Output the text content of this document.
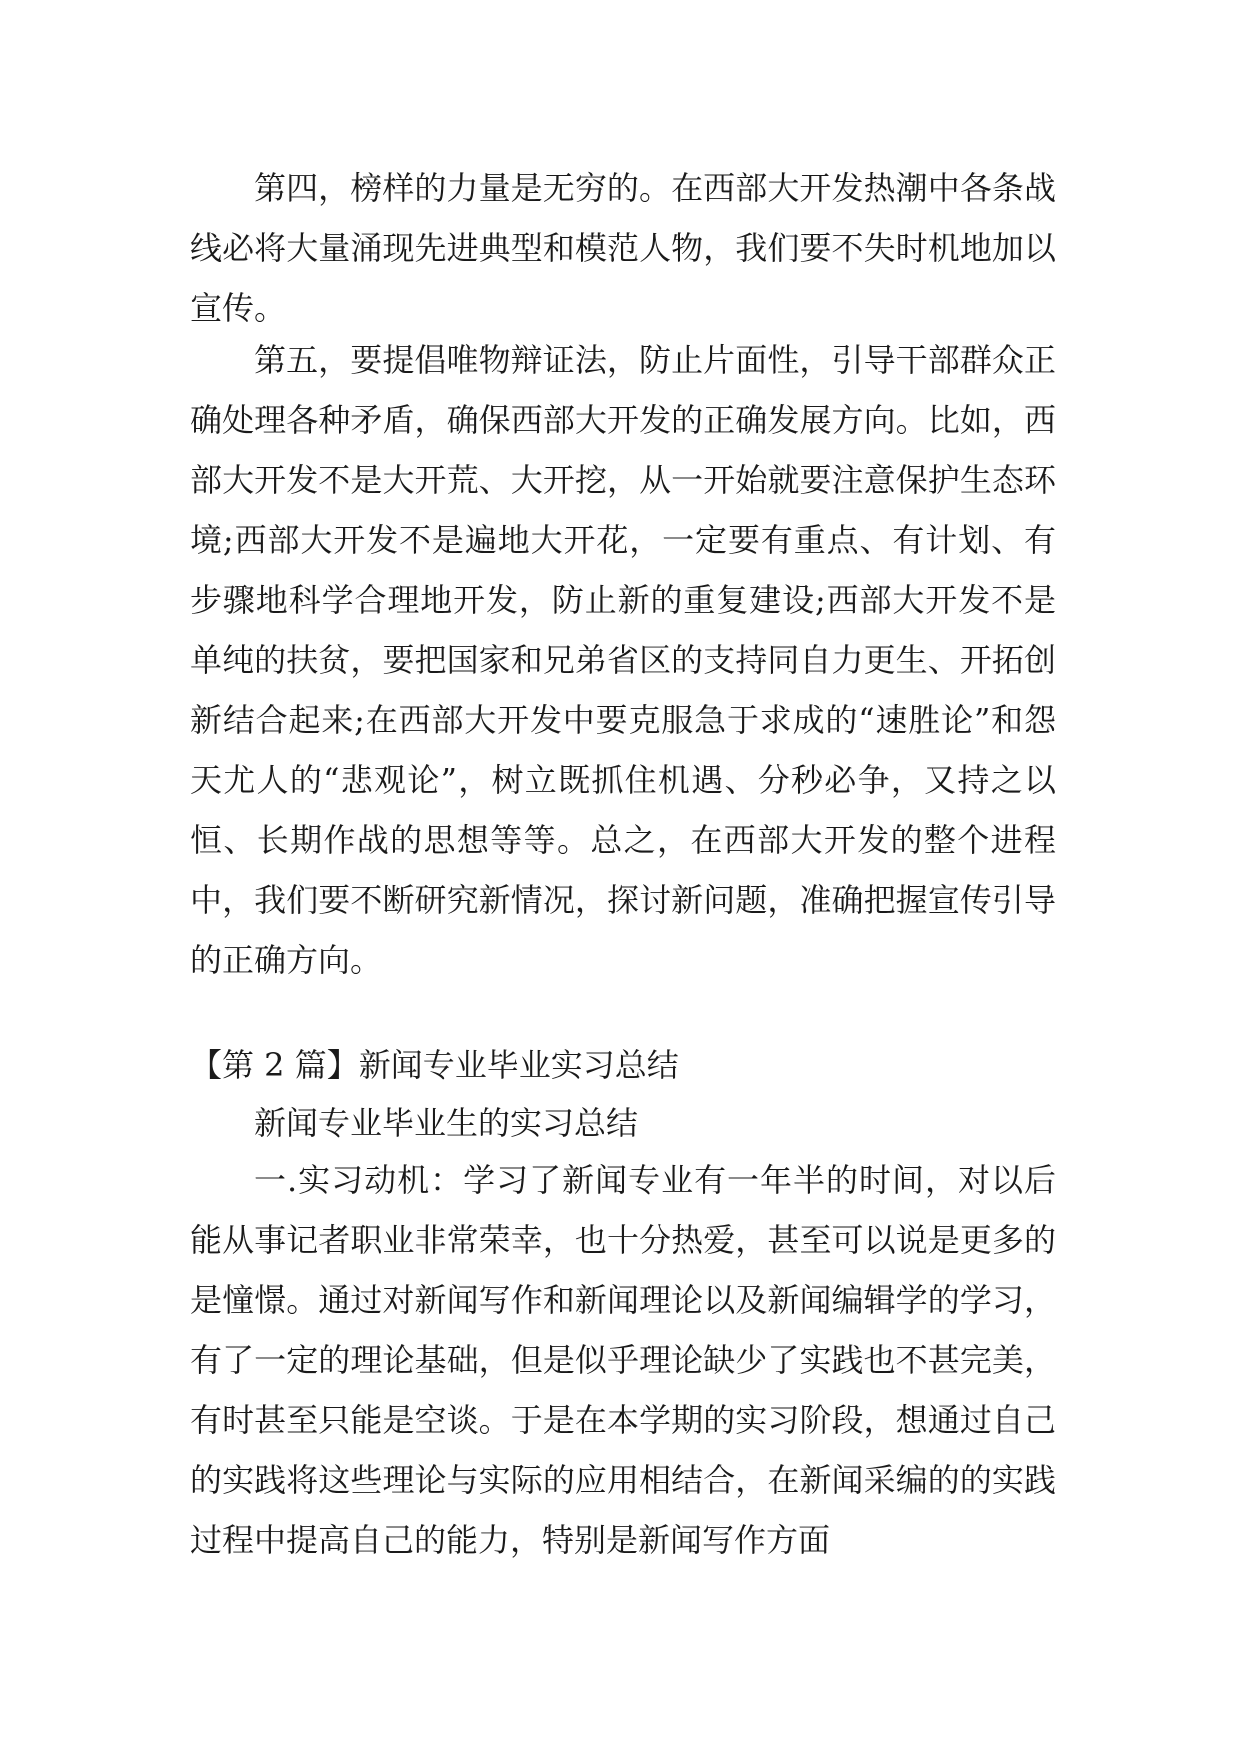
第四，榜样的力量是无穷的。在西部大开发热潮中各条战线必将大量涌现先进典型和模范人物，我们要不失时机地加以宣传。

第五，要提倡唯物辩证法，防止片面性，引导干部群众正确处理各种矛盾，确保西部大开发的正确发展方向。比如，西部大开发不是大开荒、大开挖，从一开始就要注意保护生态环境;西部大开发不是遍地大开花，一定要有重点、有计划、有步骤地科学合理地开发，防止新的重复建设;西部大开发不是单纯的扶贫，要把国家和兄弟省区的支持同自力更生、开拓创新结合起来;在西部大开发中要克服急于求成的“速胜论”和怨天尤人的“悲观论”，树立既抓住机遇、分秒必争，又持之以恒、长期作战的思想等等。总之，在西部大开发的整个进程中，我们要不断研究新情况，探讨新问题，准确把握宣传引导的正确方向。

【第 2 篇】新闻专业毕业实习总结

新闻专业毕业生的实习总结

一.实习动机：学习了新闻专业有一年半的时间，对以后能从事记者职业非常荣幸，也十分热爱，甚至可以说是更多的是憧憬。通过对新闻写作和新闻理论以及新闻编辑学的学习，有了一定的理论基础，但是似乎理论缺少了实践也不甚完美，有时甚至只能是空谈。于是在本学期的实习阶段，想通过自己的实践将这些理论与实际的应用相结合，在新闻采编的的实践过程中提高自己的能力，特别是新闻写作方面
